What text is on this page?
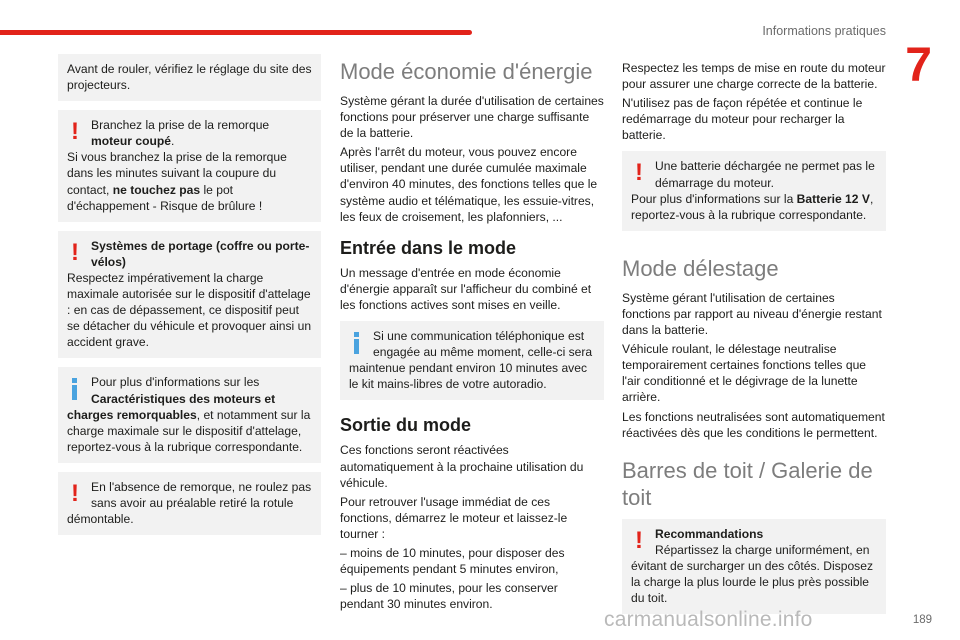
Informations pratiques
7
Avant de rouler, vérifiez le réglage du site des projecteurs.
! Branchez la prise de la remorque moteur coupé.
Si vous branchez la prise de la remorque dans les minutes suivant la coupure du contact, ne touchez pas le pot d'échappement - Risque de brûlure !
! Systèmes de portage (coffre ou porte-vélos)
Respectez impérativement la charge maximale autorisée sur le dispositif d'attelage : en cas de dépassement, ce dispositif peut se détacher du véhicule et provoquer ainsi un accident grave.
Pour plus d'informations sur les Caractéristiques des moteurs et
charges remorquables, et notamment sur la charge maximale sur le dispositif d'attelage, reportez-vous à la rubrique correspondante.
! En l'absence de remorque, ne roulez pas sans avoir au préalable retiré la rotule
démontable.
Mode économie d'énergie

Système gérant la durée d'utilisation de certaines fonctions pour préserver une charge suffisante de la batterie.

Après l'arrêt du moteur, vous pouvez encore utiliser, pendant une durée cumulée maximale d'environ 40 minutes, des fonctions telles que le système audio et télématique, les essuie-vitres, les feux de croisement, les plafonniers, ...

Entrée dans le mode

Un message d'entrée en mode économie d'énergie apparaît sur l'afficheur du combiné et les fonctions actives sont mises en veille.

Si une communication téléphonique est engagée au même moment, celle-ci sera
maintenue pendant environ 10 minutes avec le kit mains-libres de votre autoradio.
Sortie du mode

Ces fonctions seront réactivées automatiquement à la prochaine utilisation du véhicule.

Pour retrouver l'usage immédiat de ces fonctions, démarrez le moteur et laissez-le tourner :

– moins de 10 minutes, pour disposer des équipements pendant 5 minutes environ,

– plus de 10 minutes, pour les conserver pendant 30 minutes environ.

Respectez les temps de mise en route du moteur pour assurer une charge correcte de la batterie.

N'utilisez pas de façon répétée et continue le redémarrage du moteur pour recharger la batterie.

! Une batterie déchargée ne permet pas le démarrage du moteur.
Pour plus d'informations sur la Batterie 12 V, reportez-vous à la rubrique correspondante.
Mode délestage

Système gérant l'utilisation de certaines fonctions par rapport au niveau d'énergie restant dans la batterie.

Véhicule roulant, le délestage neutralise temporairement certaines fonctions telles que l'air conditionné et le dégivrage de la lunette arrière.

Les fonctions neutralisées sont automatiquement réactivées dès que les conditions le permettent.

Barres de toit / Galerie de toit
! Recommandations
Répartissez la charge uniformément, en
évitant de surcharger un des côtés. Disposez la charge la plus lourde le plus près possible du toit.
carmanualsonline.info	189
